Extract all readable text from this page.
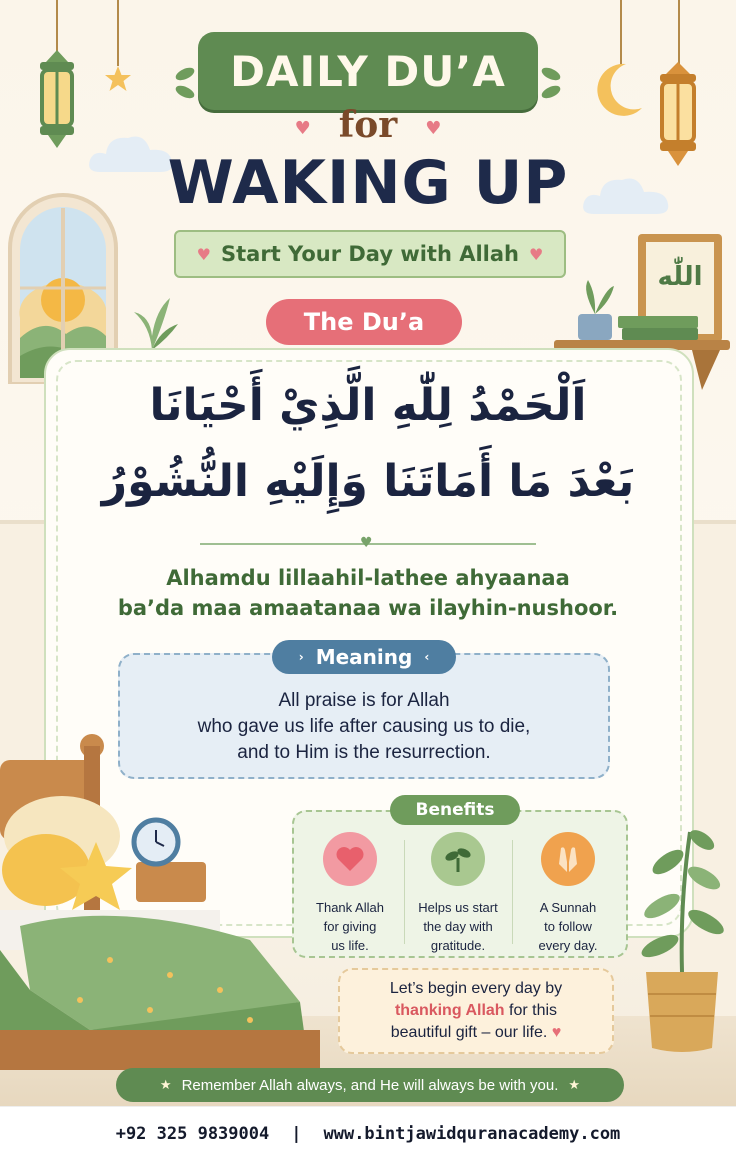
اللّٰه
DAILY DU’A
♥ for ♥
WAKING UP
♥ Start Your Day with Allah ♥
The Du’a
اَلْحَمْدُ لِلّٰهِ الَّذِيْ أَحْيَانَا
بَعْدَ مَا أَمَاتَنَا وَإِلَيْهِ النُّشُوْرُ
♥
Alhamdu lillaahil-lathee ahyaanaa
ba’da maa amaatanaa wa ilayhin-nushoor.
› Meaning ‹
All praise is for Allah
who gave us life after causing us to die,
and to Him is the resurrection.
Benefits
Thank Allah
for giving
us life.
Helps us start
the day with
gratitude.
A Sunnah
to follow
every day.
Let’s begin every day by
thanking Allah for this
beautiful gift – our life. ♥
★ Remember Allah always, and He will always be with you. ★
+92 325 9839004 | www.bintjawidquranacademy.com
